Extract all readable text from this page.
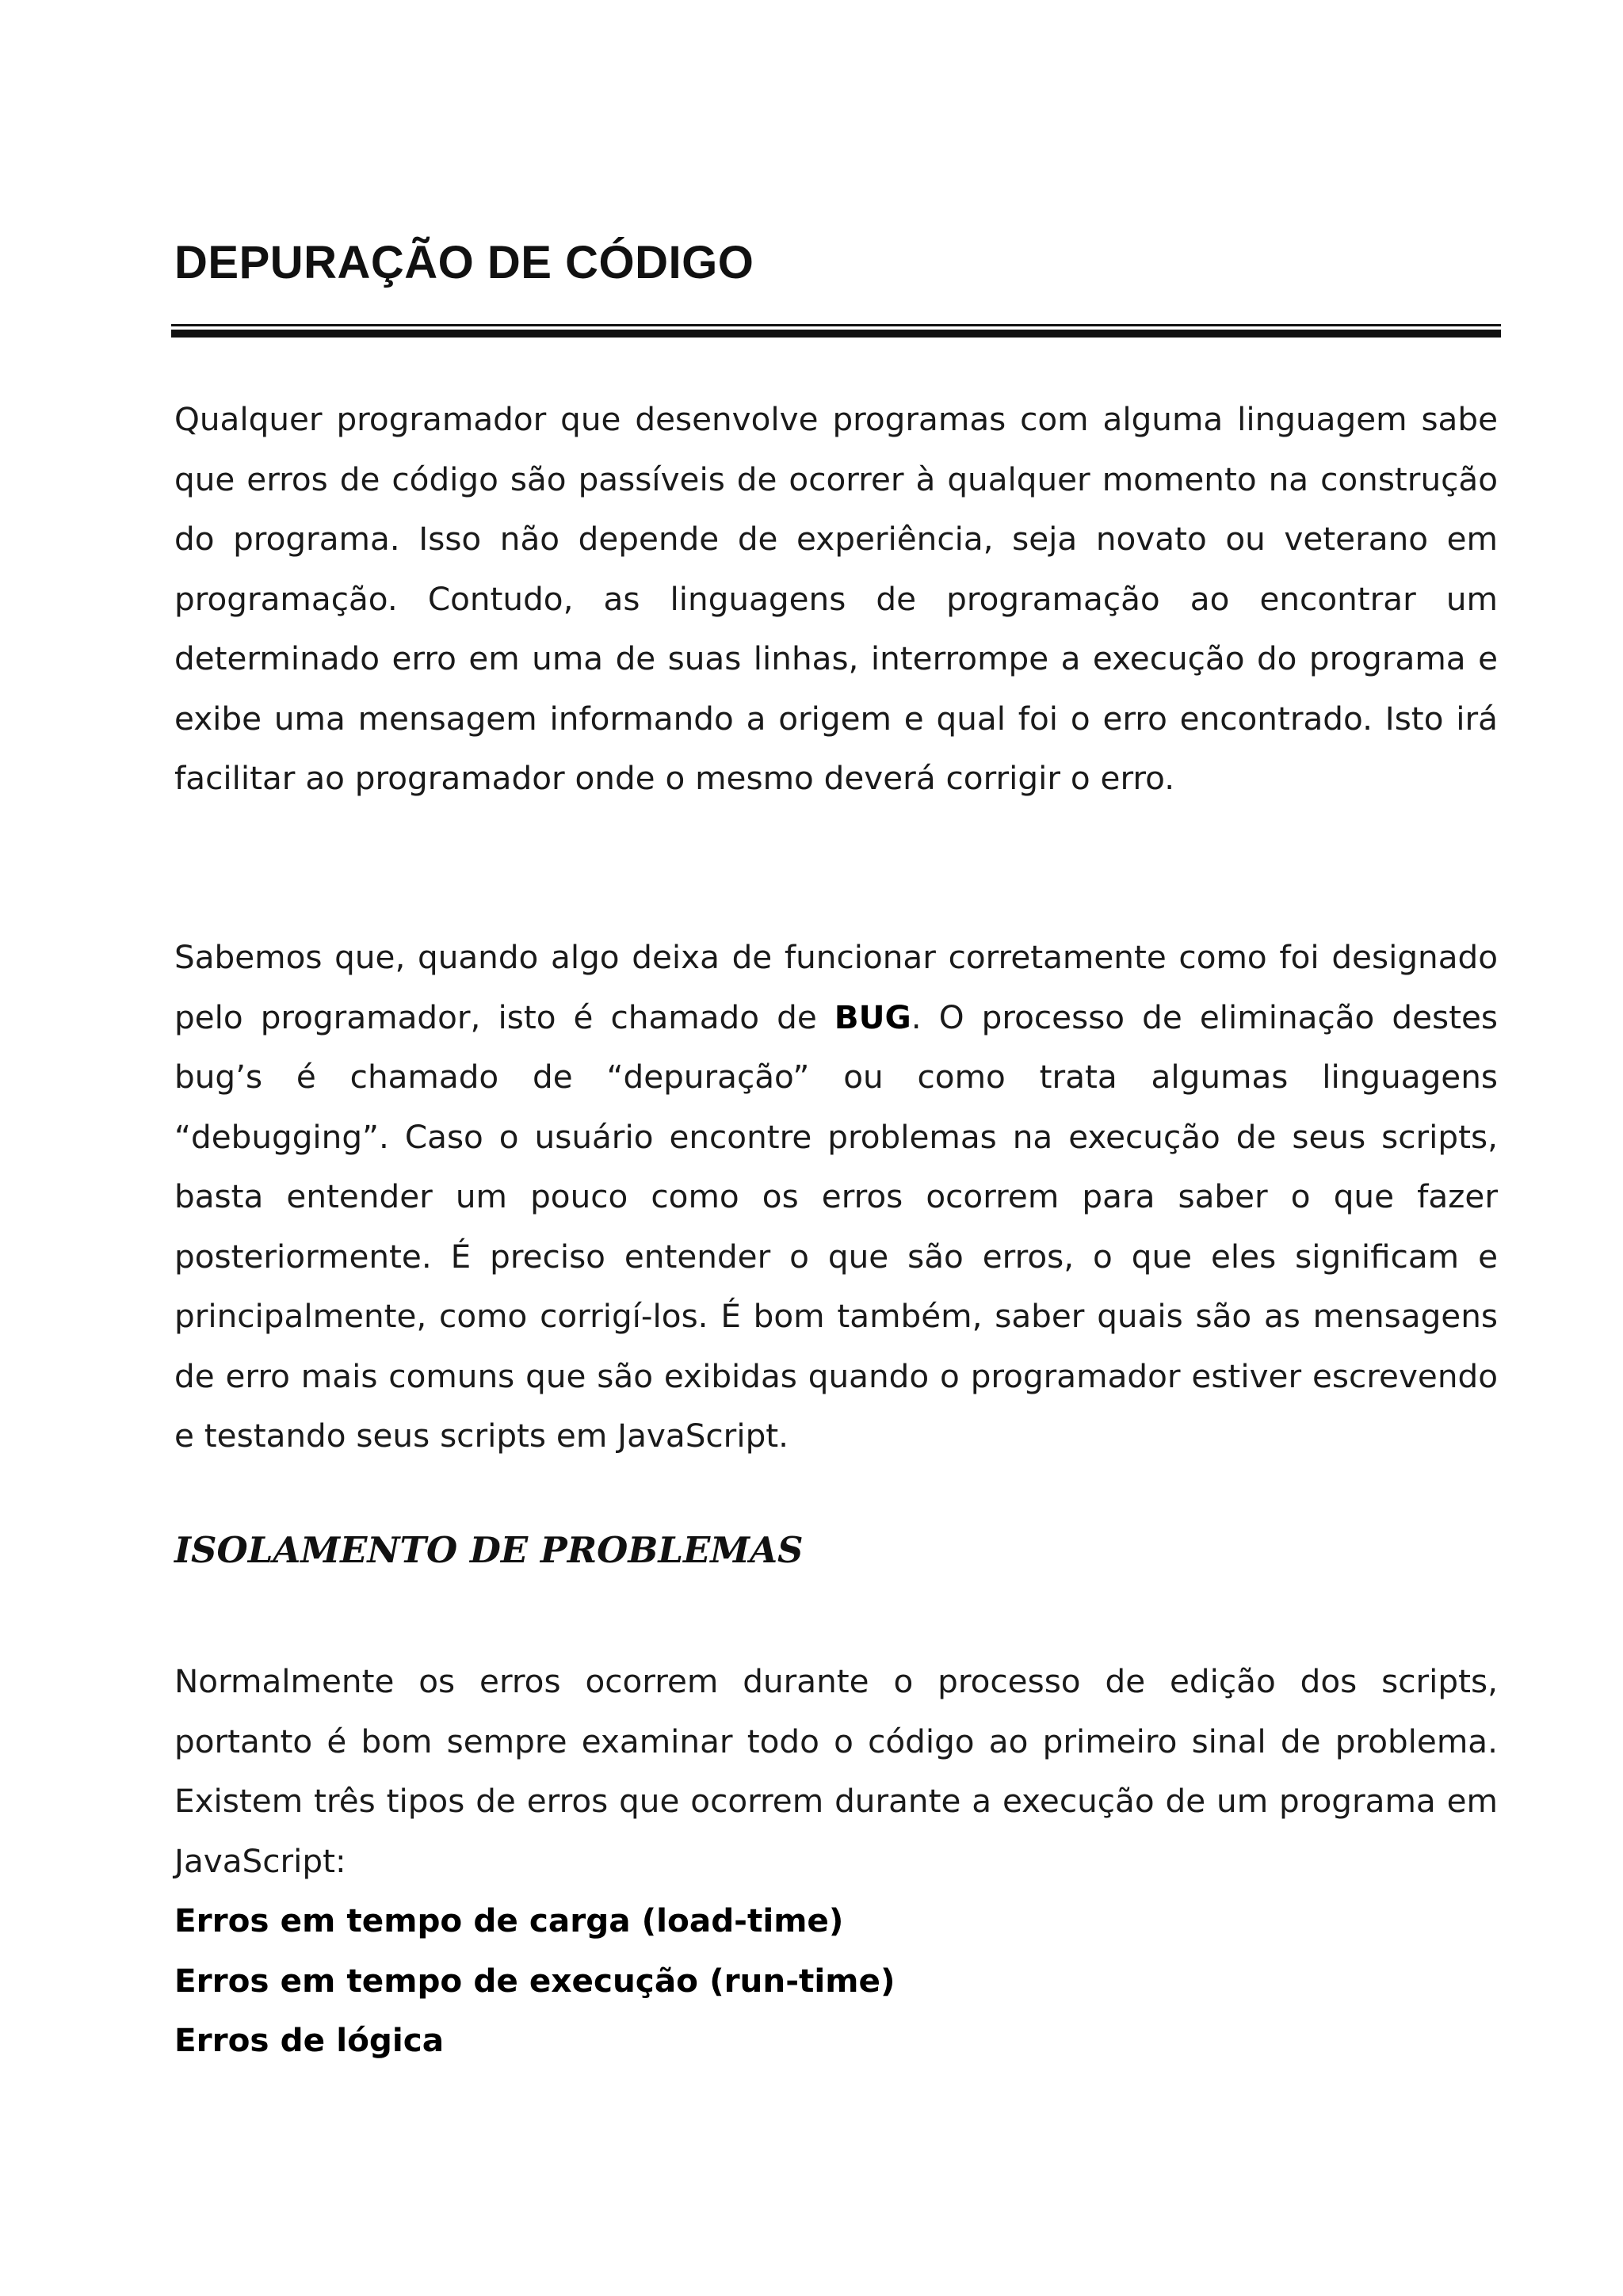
DEPURAÇÃO DE CÓDIGO

Qualquer programador que desenvolve programas com alguma linguagem sabe que erros de código são passíveis de ocorrer à qualquer momento na construção do programa. Isso não depende de experiência, seja novato ou veterano em programação. Contudo, as linguagens de programação ao encontrar um determinado erro em uma de suas linhas, interrompe a execução do programa e exibe uma mensagem informando a origem e qual foi o erro encontrado. Isto irá facilitar ao programador onde o mesmo deverá corrigir o erro.

Sabemos que, quando algo deixa de funcionar corretamente como foi designado pelo programador, isto é chamado de BUG. O processo de eliminação destes bug’s é chamado de “depuração” ou como trata algumas linguagens “debugging”. Caso o usuário encontre problemas na execução de seus scripts, basta entender um pouco como os erros ocorrem para saber o que fazer posteriormente. É preciso entender o que são erros, o que eles significam e principalmente, como corrigí-los. É bom também, saber quais são as mensagens de erro mais comuns que são exibidas quando o programador estiver escrevendo e testando seus scripts em JavaScript.

ISOLAMENTO DE PROBLEMAS

Normalmente os erros ocorrem durante o processo de edição dos scripts, portanto é bom sempre examinar todo o código ao primeiro sinal de problema. Existem três tipos de erros que ocorrem durante a execução de um programa em JavaScript:

Erros em tempo de carga (load-time)
Erros em tempo de execução (run-time)
Erros de lógica
